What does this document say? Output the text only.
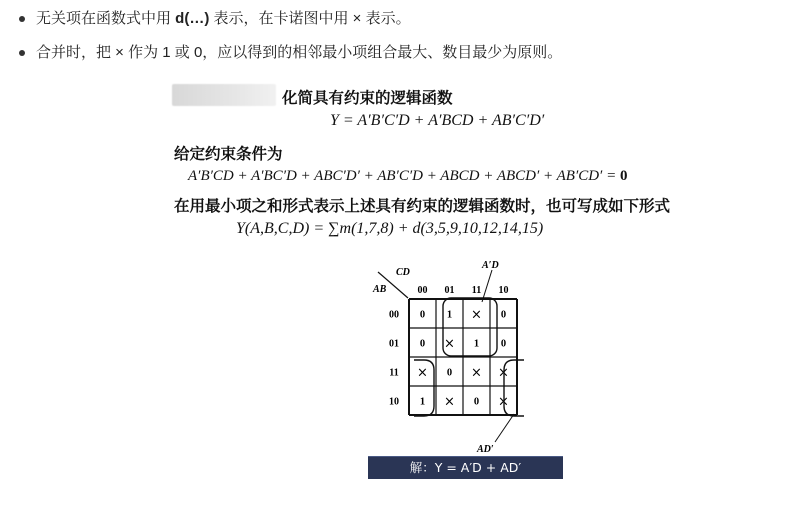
无关项在函数式中用 d(…) 表示，在卡诺图中用 × 表示。
合并时，把 × 作为 1 或 0，应以得到的相邻最小项组合最大、数目最少为原则。
化简具有约束的逻辑函数
Y = A′B′C′D + A′BCD + AB′C′D′
给定约束条件为
A′B′CD + A′BC′D + ABC′D′ + AB′C′D + ABCD + ABCD′ + AB′CD′ = 0
在用最小项之和形式表示上述具有约束的逻辑函数时，也可写成如下形式
Y(A,B,C,D) = ∑m(1,7,8) + d(3,5,9,10,12,14,15)
CD
AB
A′D
00 01 11 10
00
01
11
10
0 1 × 0
0 × 1 0
× 0 × ×
1 × 0 ×
AD′
解：Y = A′D + AD′
